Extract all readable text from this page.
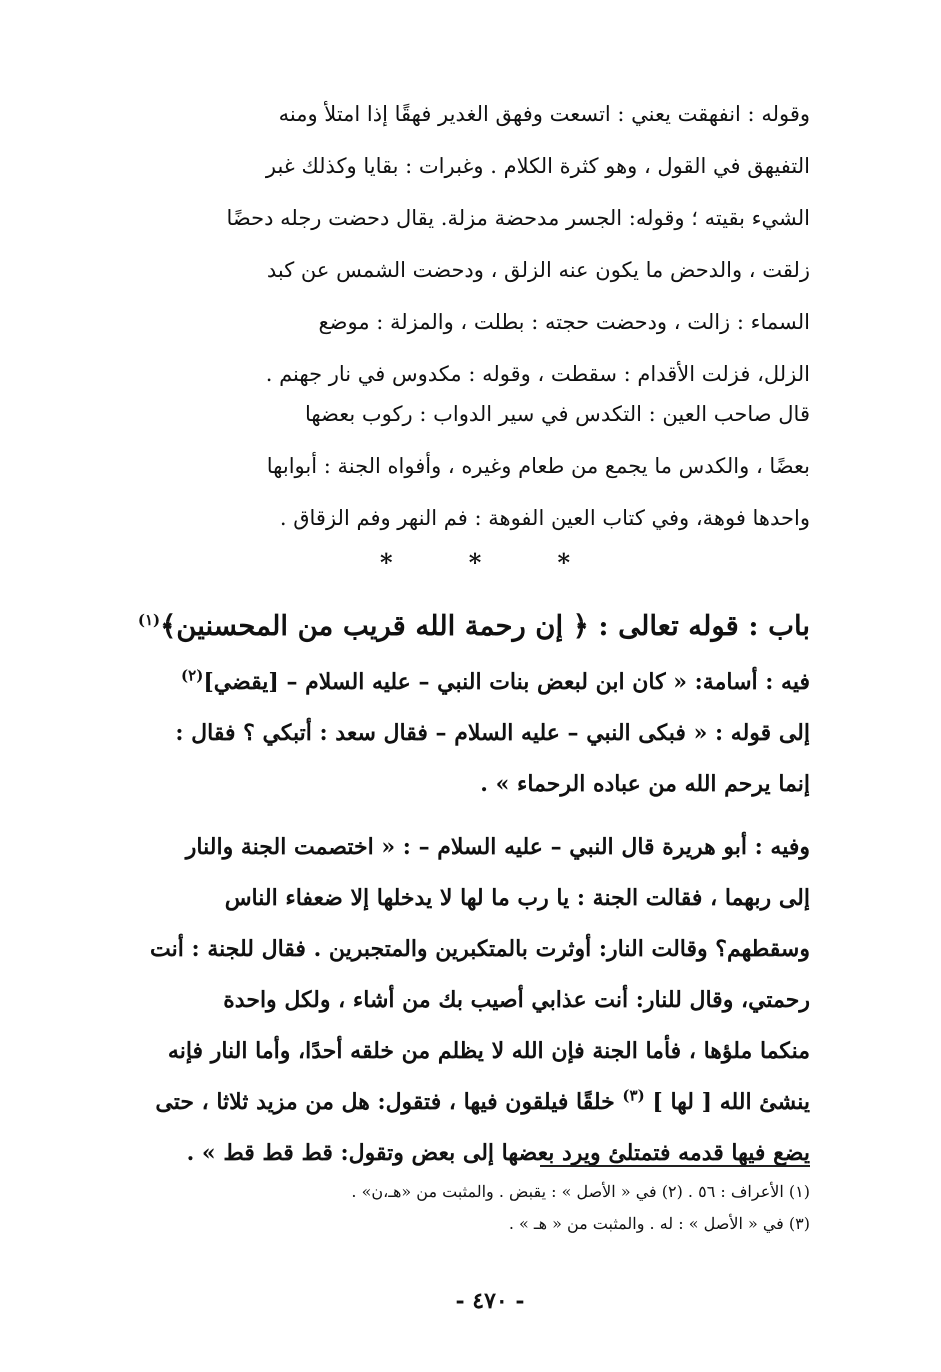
وقوله : انفهقت يعني : اتسعت وفهق الغدير فهقًا إذا امتلأ ومنه
التفيهق في القول ، وهو كثرة الكلام . وغبرات : بقايا وكذلك غبر
الشيء بقيته ؛ وقوله: الجسر مدحضة مزلة. يقال دحضت رجله دحضًا
زلقت ، والدحض ما يكون عنه الزلق ، ودحضت الشمس عن كبد
السماء : زالت ، ودحضت حجته : بطلت ، والمزلة : موضع
الزلل، فزلت الأقدام : سقطت ، وقوله : مكدوس في نار جهنم .

قال صاحب العين : التكدس في سير الدواب : ركوب بعضها
بعضًا ، والكدس ما يجمع من طعام وغيره ، وأفواه الجنة : أبوابها
واحدها فوهة، وفي كتاب العين الفوهة : فم النهر وفم الزقاق .

*	*	*
باب : قوله تعالى : ﴿ إن رحمة الله قريب من المحسنين﴾$^{(١)}$

فيه : أسامة: « كان ابن لبعض بنات النبي – عليه السلام – [يقضي]$^{(٢)}$
إلى قوله : « فبكى النبي – عليه السلام – فقال سعد : أتبكي ؟ فقال :
إنما يرحم الله من عباده الرحماء » .

وفيه : أبو هريرة قال النبي – عليه السلام – : « اختصمت الجنة والنار
إلى ربهما ، فقالت الجنة : يا رب ما لها لا يدخلها إلا ضعفاء الناس
وسقطهم؟ وقالت النار: أوثرت بالمتكبرين والمتجبرين . فقال للجنة : أنت
رحمتي، وقال للنار: أنت عذابي أصيب بك من أشاء ، ولكل واحدة
منكما ملؤها ، فأما الجنة فإن الله لا يظلم من خلقه أحدًا، وأما النار فإنه
ينشئ الله [ لها ] $^{(٣)}$ خلقًا فيلقون فيها ، فتقول: هل من مزيد ثلاثا ، حتى
يضع فيها قدمه فتمتلئ ويرد بعضها إلى بعض وتقول: قط قط قط » .

(١) الأعراف : ٥٦ . (٢) في « الأصل » : يقبض . والمثبت من «هـ،ن» .
(٣) في « الأصل » : له . والمثبت من « هـ » .
- ٤٧٠ -
